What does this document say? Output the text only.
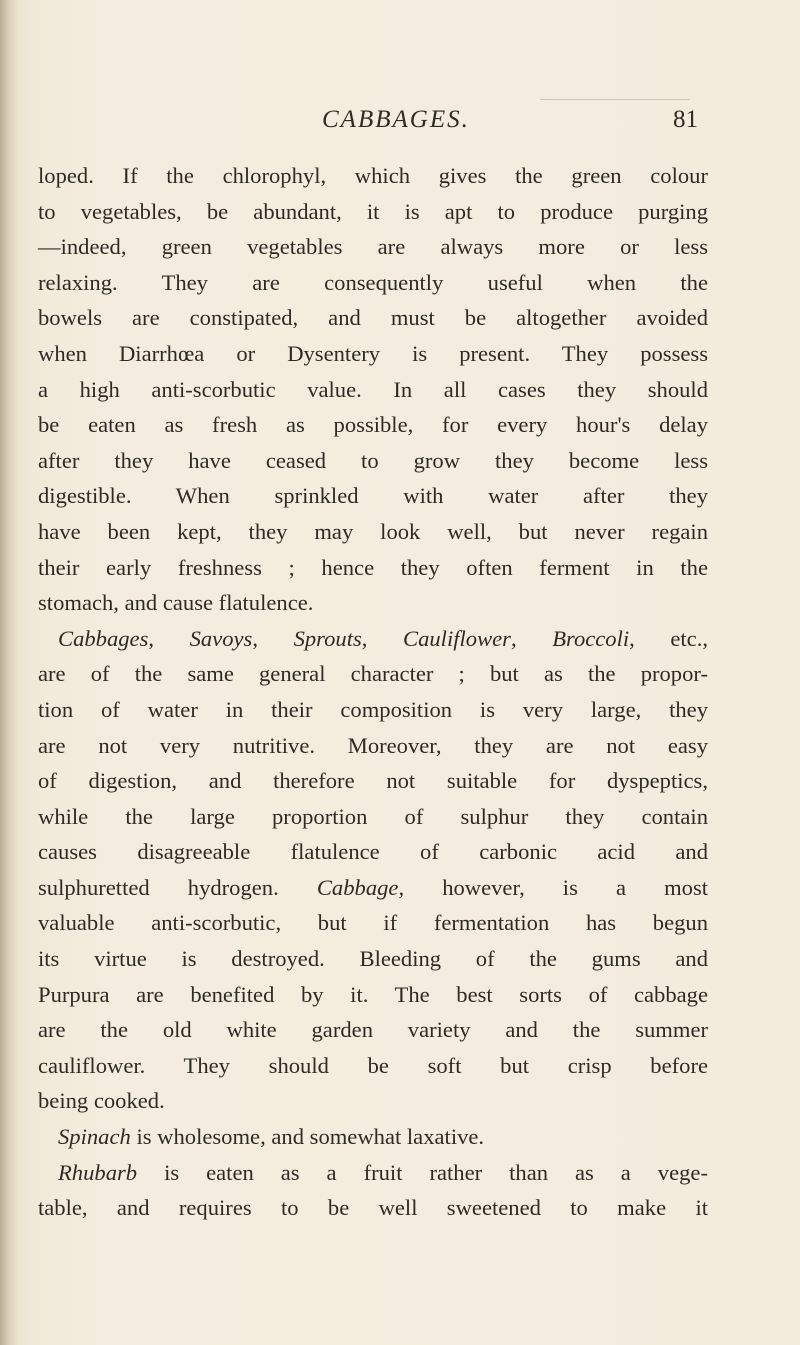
CABBAGES.	81
loped. If the chlorophyl, which gives the green colour
to vegetables, be abundant, it is apt to produce purging
—indeed, green vegetables are always more or less
relaxing. They are consequently useful when the
bowels are constipated, and must be altogether avoided
when Diarrhœa or Dysentery is present. They possess
a high anti-scorbutic value. In all cases they should
be eaten as fresh as possible, for every hour's delay
after they have ceased to grow they become less
digestible. When sprinkled with water after they
have been kept, they may look well, but never regain
their early freshness ; hence they often ferment in the
stomach, and cause flatulence.
Cabbages, Savoys, Sprouts, Cauliflower, Broccoli, etc.,
are of the same general character ; but as the propor-
tion of water in their composition is very large, they
are not very nutritive. Moreover, they are not easy
of digestion, and therefore not suitable for dyspeptics,
while the large proportion of sulphur they contain
causes disagreeable flatulence of carbonic acid and
sulphuretted hydrogen. Cabbage, however, is a most
valuable anti-scorbutic, but if fermentation has begun
its virtue is destroyed. Bleeding of the gums and
Purpura are benefited by it. The best sorts of cabbage
are the old white garden variety and the summer
cauliflower. They should be soft but crisp before
being cooked.
Spinach is wholesome, and somewhat laxative.
Rhubarb is eaten as a fruit rather than as a vege-
table, and requires to be well sweetened to make it
